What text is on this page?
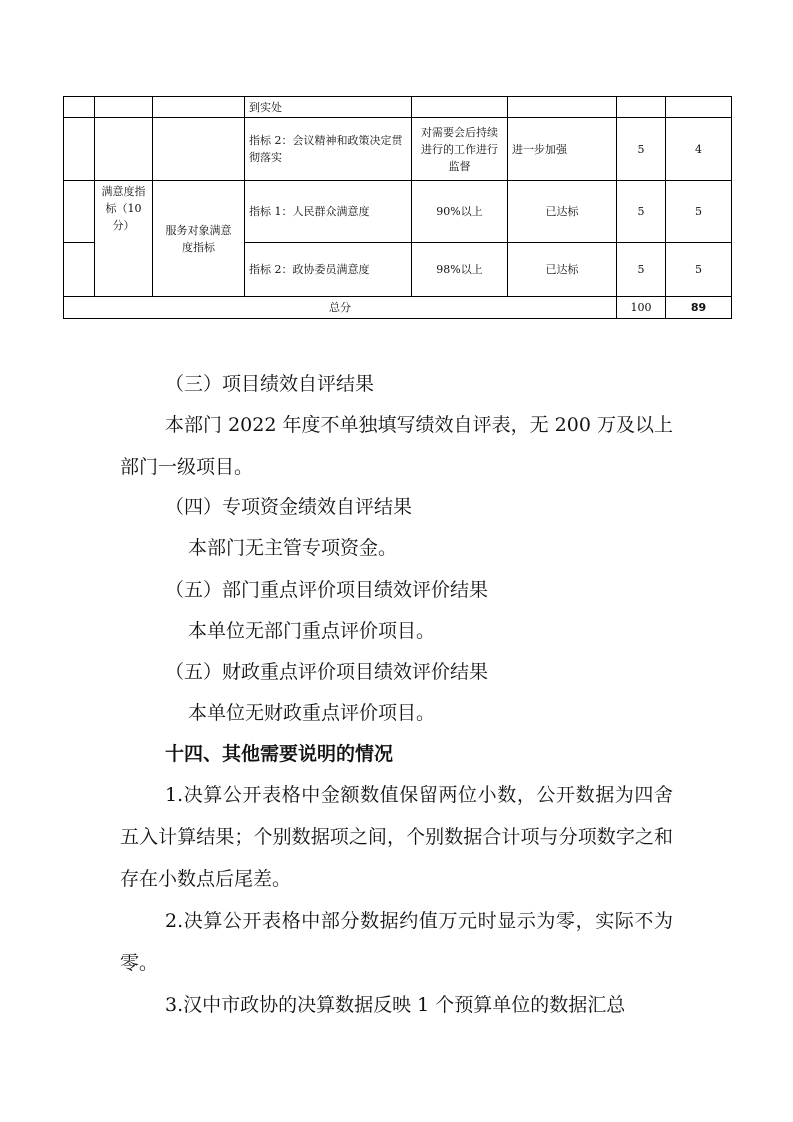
			到实处				
			指标 2：会议精神和政策决定贯彻落实	对需要会后持续进行的工作进行监督	进一步加强	5	4
	满意度指标（10分）	服务对象满意度指标	指标 1：人民群众满意度	90%以上	已达标	5	5
			指标 2：政协委员满意度	98%以上	已达标	5	5
总分						100	89
（三）项目绩效自评结果
本部门 2022 年度不单独填写绩效自评表，无 200 万及以上部门一级项目。
（四）专项资金绩效自评结果
本部门无主管专项资金。
（五）部门重点评价项目绩效评价结果
本单位无部门重点评价项目。
（五）财政重点评价项目绩效评价结果
本单位无财政重点评价项目。
十四、其他需要说明的情况
1.决算公开表格中金额数值保留两位小数，公开数据为四舍五入计算结果；个别数据项之间，个别数据合计项与分项数字之和存在小数点后尾差。
2.决算公开表格中部分数据约值万元时显示为零，实际不为零。
3.汉中市政协的决算数据反映 1 个预算单位的数据汇总
